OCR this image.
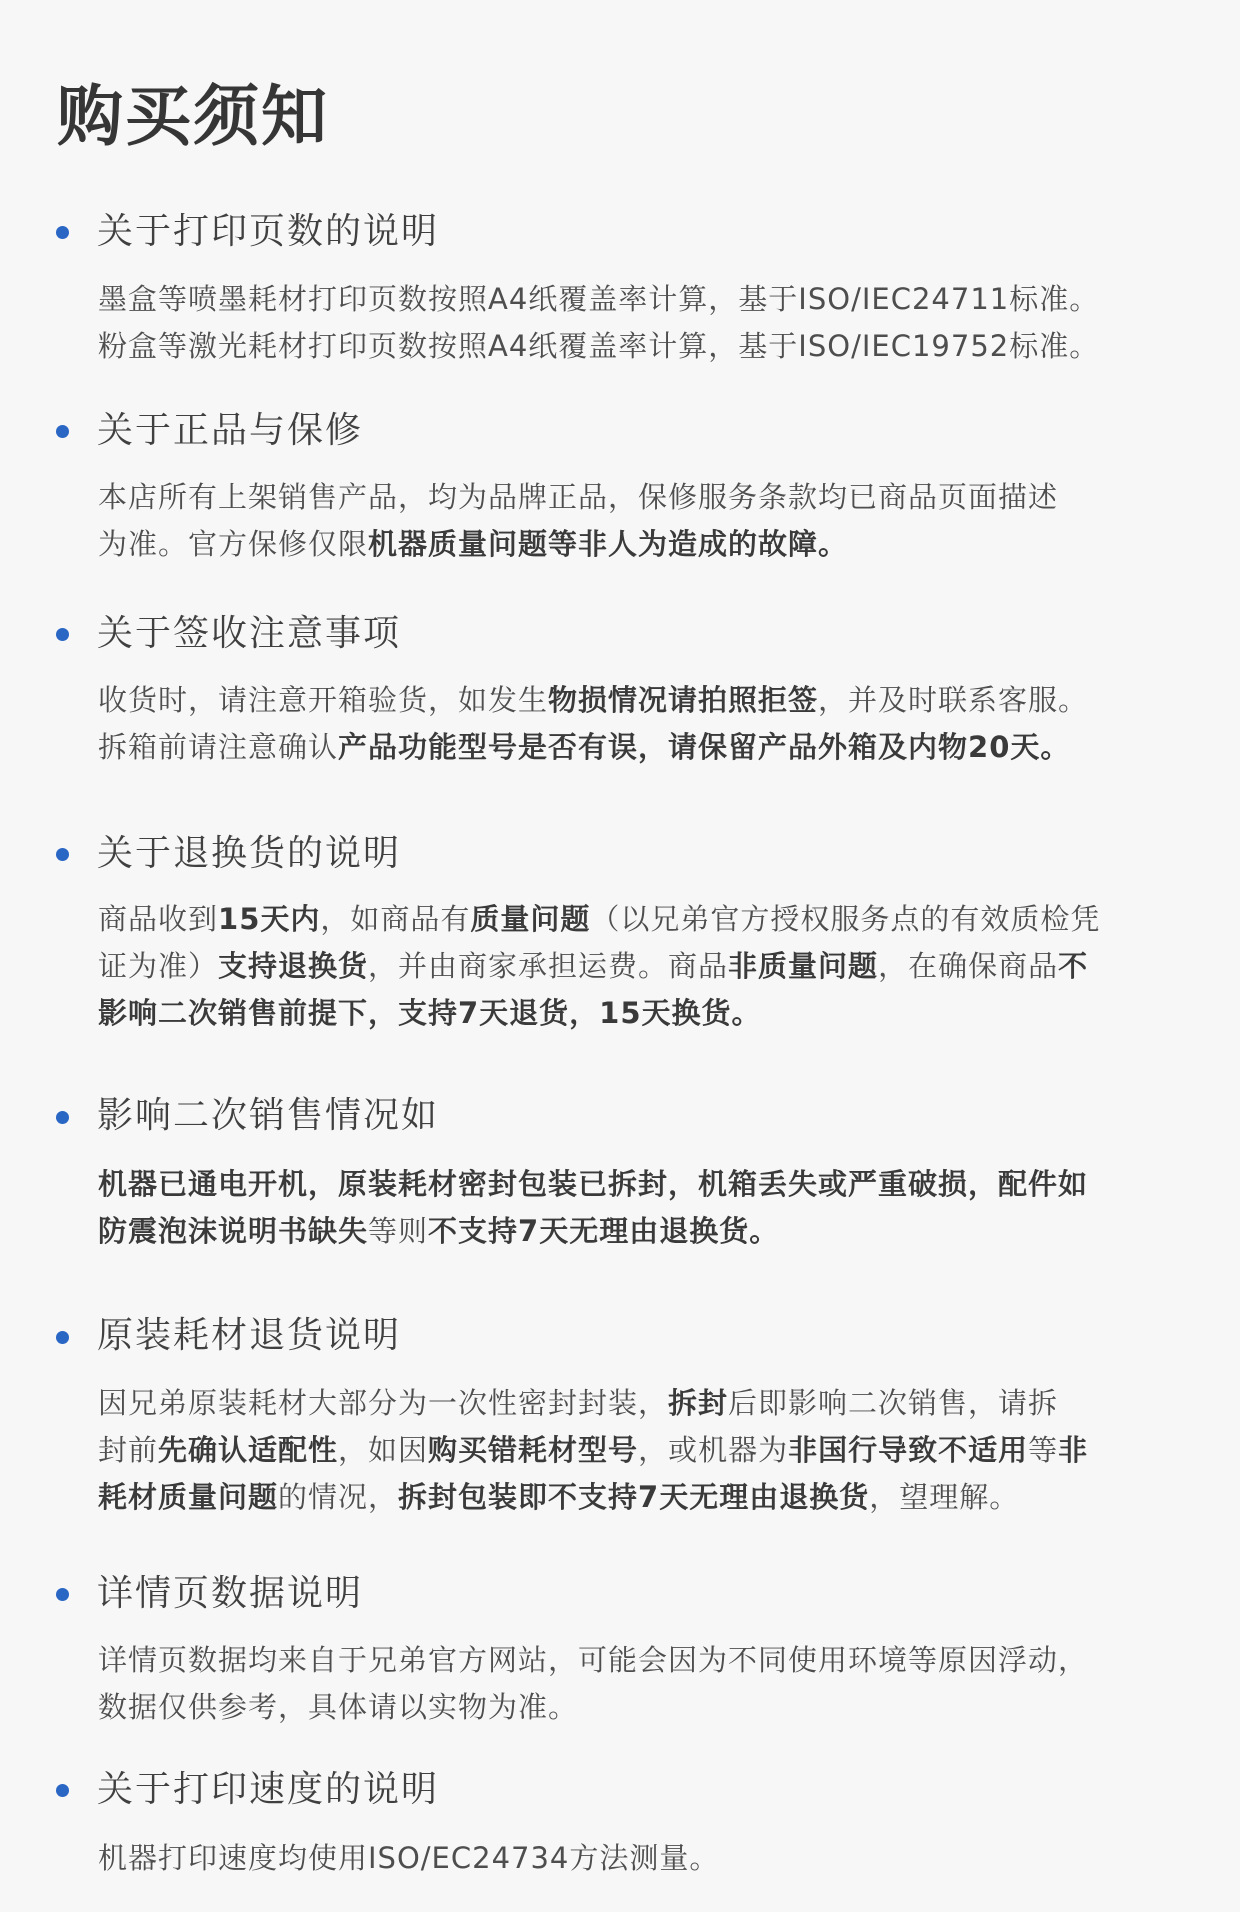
购买须知
关于打印页数的说明
墨盒等喷墨耗材打印页数按照A4纸覆盖率计算，基于ISO/IEC24711标准。
粉盒等激光耗材打印页数按照A4纸覆盖率计算，基于ISO/IEC19752标准。
关于正品与保修
本店所有上架销售产品，均为品牌正品，保修服务条款均已商品页面描述
为准。官方保修仅限机器质量问题等非人为造成的故障。
关于签收注意事项
收货时，请注意开箱验货，如发生物损情况请拍照拒签，并及时联系客服。
拆箱前请注意确认产品功能型号是否有误，请保留产品外箱及内物20天。
关于退换货的说明
商品收到15天内，如商品有质量问题（以兄弟官方授权服务点的有效质检凭
证为准）支持退换货，并由商家承担运费。商品非质量问题，在确保商品不
影响二次销售前提下，支持7天退货，15天换货。
影响二次销售情况如
机器已通电开机，原装耗材密封包装已拆封，机箱丢失或严重破损，配件如
防震泡沫说明书缺失等则不支持7天无理由退换货。
原装耗材退货说明
因兄弟原装耗材大部分为一次性密封封装，拆封后即影响二次销售，请拆
封前先确认适配性，如因购买错耗材型号，或机器为非国行导致不适用等非
耗材质量问题的情况，拆封包装即不支持7天无理由退换货，望理解。
详情页数据说明
详情页数据均来自于兄弟官方网站，可能会因为不同使用环境等原因浮动，
数据仅供参考，具体请以实物为准。
关于打印速度的说明
机器打印速度均使用ISO/EC24734方法测量。
